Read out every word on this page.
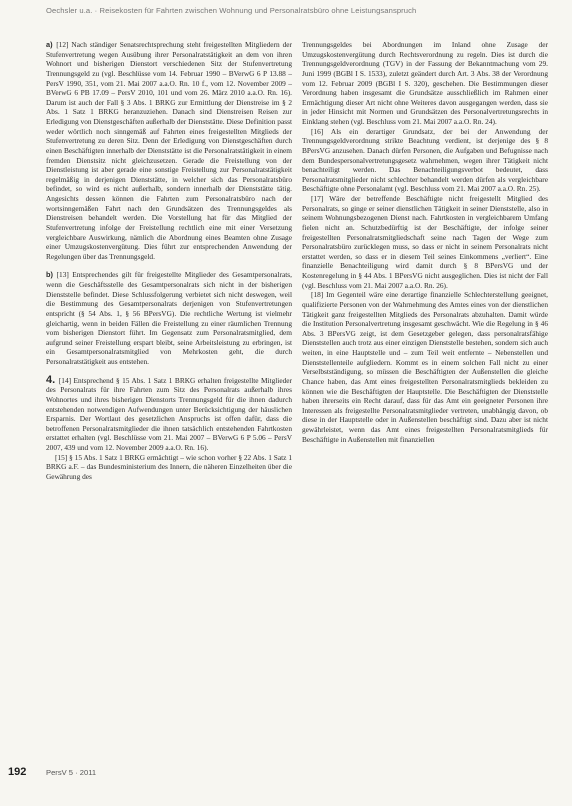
Oechsler u.a. · Reisekosten für Fahrten zwischen Wohnung und Personalratsbüro ohne Leistungsanspruch

a)  [12] Nach ständiger Senatsrechtsprechung steht freigestellten Mitgliedern der Stufenvertretung wegen Ausübung ihrer Personalratstätigkeit an dem von ihren Wohnort und bisherigen Dienstort verschiedenen Sitz der Stufenvertretung Trennungsgeld zu (vgl. Beschlüsse vom 14. Februar 1990 – BVerwG 6 P 13.88 – PersV 1990, 351, vom 21. Mai 2007 a.a.O. Rn. 10 f., vom 12. November 2009 – BVerwG 6 PB 17.09 – PersV 2010, 101 und vom 26. März 2010 a.a.O. Rn. 16). Darum ist auch der Fall § 3 Abs. 1 BRKG zur Ermittlung der Dienstreise im § 2 Abs. 1 Satz 1 BRKG heranzuziehen. Danach sind Dienstreisen Reisen zur Erledigung von Dienstgeschäften außerhalb der Dienststätte. Diese Definition passt weder wörtlich noch sinngemäß auf Fahrten eines freigestellten Mitglieds der Stufenvertretung zu deren Sitz. Denn der Erledigung von Dienstgeschäften durch einen Beschäftigten innerhalb der Dienststätte ist die Personalratstätigkeit in einem fremden Dienstsitz nicht gleichzusetzen. Gerade die Freistellung von der Dienstleistung ist aber gerade eine sonstige Freistellung zur Personalratstätigkeit regelmäßig in derjenigen Dienststätte, in welcher sich das Personalratsbüro befindet, so wird es nicht außerhalb, sondern innerhalb der Dienststätte tätig. Angesichts dessen können die Fahrten zum Personalratsbüro nach der wortsinngemäßen Fahrt nach den Grundsätzen des Trennungsgeldes als Dienstreisen behandelt werden. Die Vorstellung hat für das Mitglied der Stufenvertretung infolge der Freistellung rechtlich eine mit einer Versetzung vergleichbare Auswirkung, nämlich die Abordnung eines Beamten ohne Zusage einer Umzugskostenvergütung. Dies führt zur entsprechenden Anwendung der Regelungen über das Trennungsgeld.

b)  [13] Entsprechendes gilt für freigestellte Mitglieder des Gesamtpersonalrats, wenn die Geschäftsstelle des Gesamtpersonalrats sich nicht in der bisherigen Dienststelle befindet. Diese Schlussfolgerung verbietet sich nicht deswegen, weil die Bestimmung des Gesamtpersonalrats derjenigen von Stufenvertretungen entspricht (§ 54 Abs. 1, § 56 BPersVG). Die rechtliche Wertung ist vielmehr gleichartig, wenn in beiden Fällen die Freistellung zu einer räumlichen Trennung vom bisherigen Dienstort führt. Im Gegensatz zum Personalratsmitglied, dem aufgrund seiner Freistellung erspart bleibt, seine Arbeitsleistung zu erbringen, ist ein Gesamtpersonalratsmitglied von Mehrkosten geht, die durch Personalratstätigkeit aus entstehen.

4.  [14] Entsprechend § 15 Abs. 1 Satz 1 BRKG erhalten freigestellte Mitglieder des Personalrats für ihre Fahrten zum Sitz des Personalrats außerhalb ihres Wohnortes und ihres bisherigen Dienstorts Trennungsgeld für die ihnen dadurch entstehenden notwendigen Aufwendungen unter Berücksichtigung der häuslichen Ersparnis. Der Wortlaut des gesetzlichen Anspruchs ist offen dafür, dass die betroffenen Personalratsmitglieder die ihnen tatsächlich entstehenden Fahrtkosten erstattet erhalten (vgl. Beschlüsse vom 21. Mai 2007 – BVerwG 6 P 5.06 – PersV 2007, 439 und vom 12. November 2009 a.a.O. Rn. 16).

[15] § 15 Abs. 1 Satz 1 BRKG ermächtigt – wie schon vorher § 22 Abs. 1 Satz 1 BRKG a.F. – das Bundesministerium des Innern, die näheren Einzelheiten über die Gewährung des

Trennungsgeldes bei Abordnungen im Inland ohne Zusage der Umzugskostenvergütung durch Rechtsverordnung zu regeln. Dies ist durch die Trennungsgeldverordnung (TGV) in der Fassung der Bekanntmachung vom 29. Juni 1999 (BGBl I S. 1533), zuletzt geändert durch Art. 3 Abs. 38 der Verordnung vom 12. Februar 2009 (BGBl I S. 320), geschehen. Die Bestimmungen dieser Verordnung haben insgesamt die Grundsätze ausschließlich im Rahmen einer Ermächtigung dieser Art nicht ohne Weiteres davon ausgegangen werden, dass sie in jeder Hinsicht mit Normen und Grundsätzen des Personalvertretungsrechts in Einklang stehen (vgl. Beschluss vom 21. Mai 2007 a.a.O. Rn. 24).

[16] Als ein derartiger Grundsatz, der bei der Anwendung der Trennungsgeldverordnung strikte Beachtung verdient, ist derjenige des § 8 BPersVG anzusehen. Danach dürfen Personen, die Aufgaben und Befugnisse nach dem Bundespersonalvertretungsgesetz wahrnehmen, wegen ihrer Tätigkeit nicht benachteiligt werden. Das Benachteiligungsverbot bedeutet, dass Personalratsmitglieder nicht schlechter behandelt werden dürfen als vergleichbare Beschäftigte ohne Personalamt (vgl. Beschluss vom 21. Mai 2007 a.a.O. Rn. 25).

[17] Wäre der betreffende Beschäftigte nicht freigestellt Mitglied des Personalrats, so ginge er seiner dienstlichen Tätigkeit in seiner Dienststelle, also in seinem Wohnungsbezogenen Dienst nach. Fahrtkosten in vergleichbarem Umfang fielen nicht an. Schutzbedürftig ist der Beschäftigte, der infolge seiner freigestellten Personalratsmitgliedschaft seine nach Tagen der Wege zum Personalratsbüro zurücklegen muss, so dass er nicht in seinem Personalrats nicht erstattet werden, so dass er in diesem Teil seines Einkommens „verliert“. Eine finanzielle Benachteiligung wird damit durch § 8 BPersVG und der Kostenregelung in § 44 Abs. 1 BPersVG nicht ausgeglichen. Dies ist nicht der Fall (vgl. Beschluss vom 21. Mai 2007 a.a.O. Rn. 26).

[18] Im Gegenteil wäre eine derartige finanzielle Schlechterstellung geeignet, qualifizierte Personen von der Wahrnehmung des Amtes eines von der dienstlichen Tätigkeit ganz freigestellten Mitglieds des Personalrats abzuhalten. Damit würde die Institution Personalvertretung insgesamt geschwächt. Wie die Regelung in § 46 Abs. 3 BPersVG zeigt, ist dem Gesetzgeber gelegen, dass personalratsfähige Dienststellen auch trotz aus einer einzigen Dienststelle bestehen, sondern sich auch weiten, in eine Hauptstelle und – zum Teil weit entfernte – Nebenstellen und Dienststellenteile aufgliedern. Kommt es in einem solchen Fall nicht zu einer Verselbstständigung, so müssen die Beschäftigten der Außenstellen die gleiche Chance haben, das Amt eines freigestellten Personalratsmitglieds bekleiden zu können wie die Beschäftigten der Hauptstelle. Die Beschäftigten der Dienststelle haben ihrerseits ein Recht darauf, dass für das Amt ein geeigneter Personen ihre Interessen als freigestellte Personalratsmitglieder vertreten, unabhängig davon, ob diese in der Hauptstelle oder in Außenstellen beschäftigt sind. Dazu aber ist nicht gewährleistet, wenn das Amt eines freigestellten Personalratsmitglieds für Beschäftigte in Außenstellen mit finanziellen

192	PersV 5 · 2011
